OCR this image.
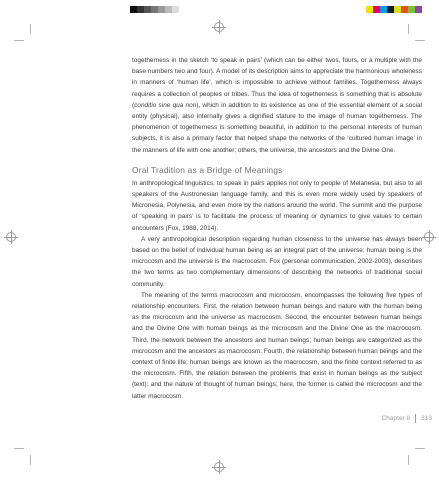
togetherness in the sketch ‘to speak in pairs’ (which can be either twos, fours, or a multiple with the base numbers two and four). A model of its description aims to appreciate the harmonious wholeness in manners of ‘human life’, which is impossible to achieve without families. Togetherness always requires a collection of peoples or tribes. Thus the idea of togetherness is something that is absolute (conditio sine qua non), which in addition to its existence as one of the essential element of a social entity (physical), also internally gives a dignified stature to the image of human togetherness. The phenomenon of togetherness is something beautiful, in addition to the personal interests of human subjects, it is also a primary factor that helped shape the networks of the ‘cultured human image’ in the manners of life with one another; others, the universe, the ancestors and the Divine One.

Oral Tradition as a Bridge of Meanings

In anthropological linguistics, to speak in pairs applies not only to people of Melanesia, but also to all speakers of the Austronesian language family, and this is even more widely used by speakers of Micronesia, Polynesia, and even more by the nations around the world. The summit and the purpose of ‘speaking in pairs’ is to facilitate the process of meaning or dynamics to give values to certain encounters (Fox, 1988, 2014).

A very anthropological description regarding human closeness to the universe has always been based on the belief of individual human being as an integral part of the universe; human being is the microcosm and the universe is the macrocosm. Fox (personal communication, 2002-2003), describes the two terms as two complementary dimensions of describing the networks of traditional social community.

The meaning of the terms macrocosm and microcosm, encompasses the following five types of relationship encounters. First, the relation between human beings and nature with the human being as the microcosm and the universe as macrocosm. Second, the encounter between human beings and the Divine One with human beings as the microcosm and the Divine One as the macrocosm. Third, the network between the ancestors and human beings; human beings are categorized as the microcosm and the ancestors as macrocosm. Fourth, the relationship between human beings and the context of finite life; human beings are known as the macrocosm, and the finite context referred to as the microcosm. Fifth, the relation between the problems that exist in human beings as the subject (text): and the nature of thought of human beings; here, the former is called the microcosm and the latter macrocosm.

Chapter 8 313
